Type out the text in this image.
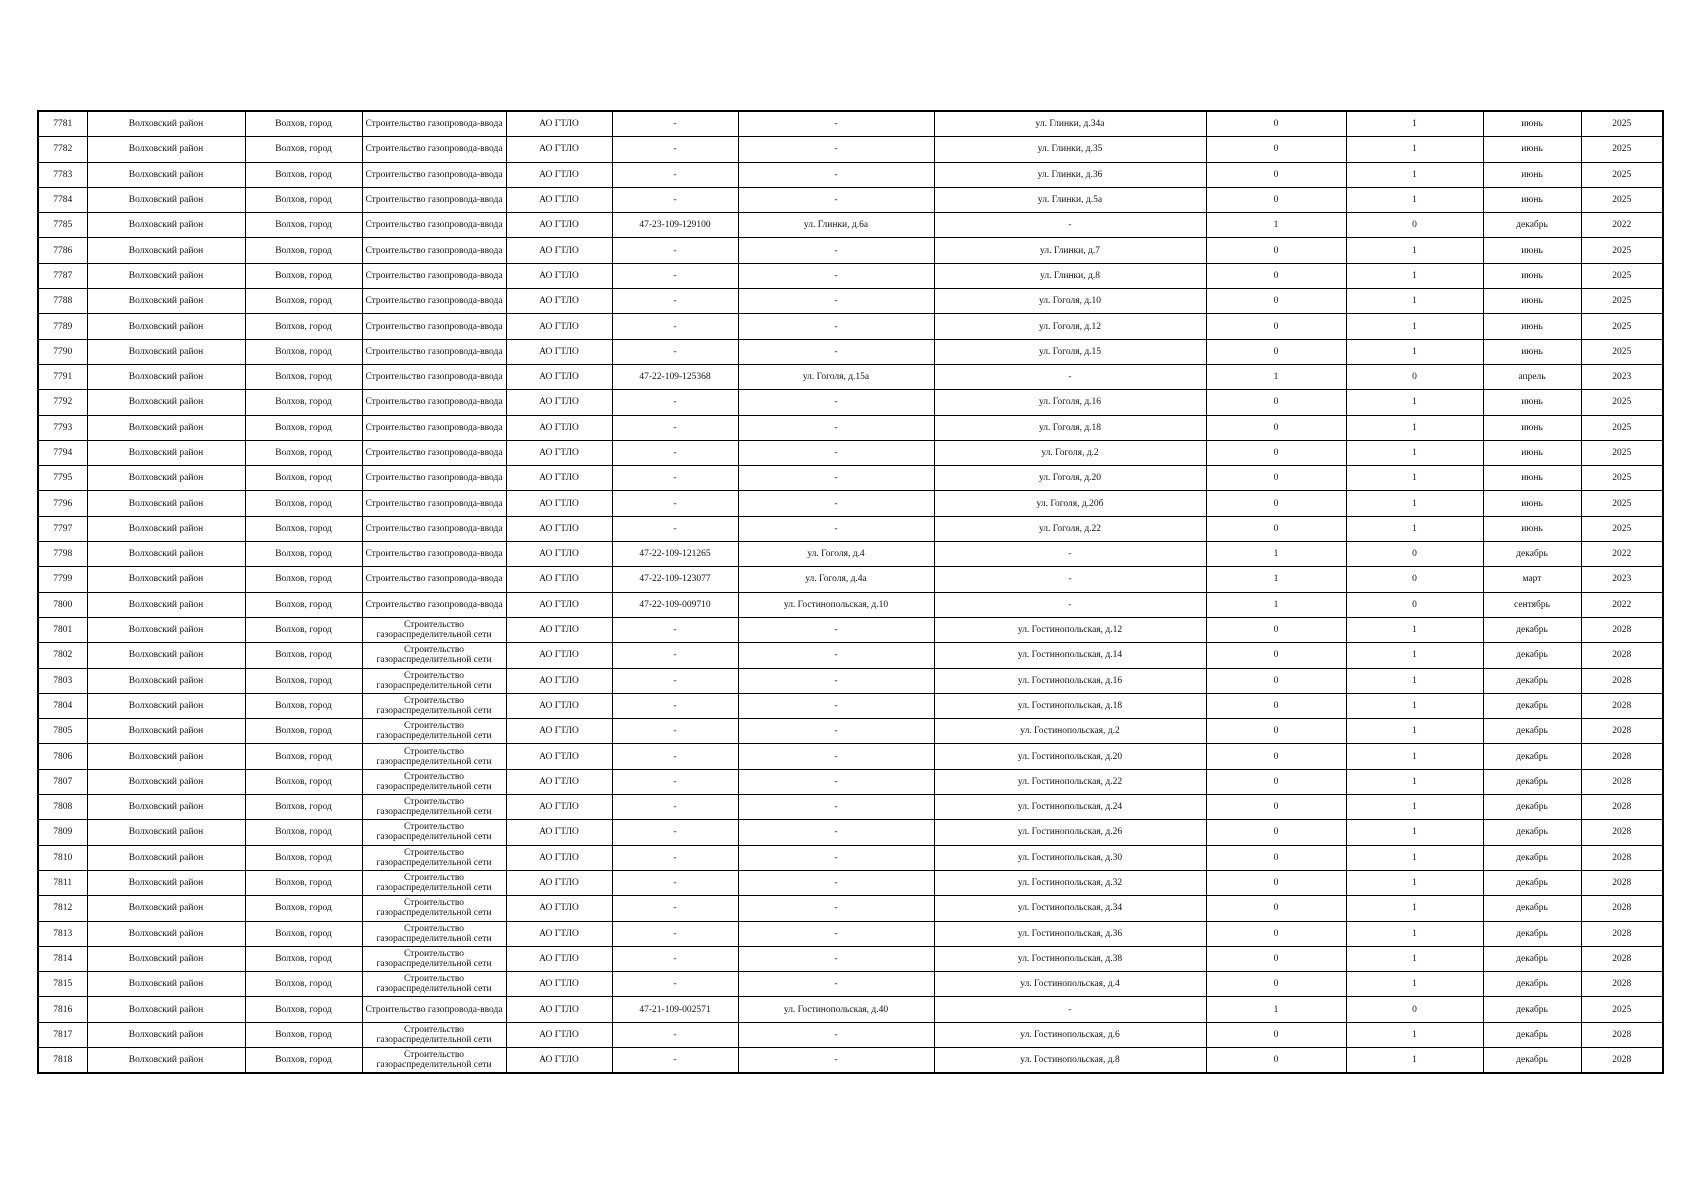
7781	Волховский район	Волхов, город	Строительство газопровода-ввода	АО ГТЛО	-	-	ул. Глинки, д.34а	0	1	июнь	2025
7782	Волховский район	Волхов, город	Строительство газопровода-ввода	АО ГТЛО	-	-	ул. Глинки, д.35	0	1	июнь	2025
7783	Волховский район	Волхов, город	Строительство газопровода-ввода	АО ГТЛО	-	-	ул. Глинки, д.36	0	1	июнь	2025
7784	Волховский район	Волхов, город	Строительство газопровода-ввода	АО ГТЛО	-	-	ул. Глинки, д.5а	0	1	июнь	2025
7785	Волховский район	Волхов, город	Строительство газопровода-ввода	АО ГТЛО	47-23-109-129100	ул. Глинки, д.6а	-	1	0	декабрь	2022
7786	Волховский район	Волхов, город	Строительство газопровода-ввода	АО ГТЛО	-	-	ул. Глинки, д.7	0	1	июнь	2025
7787	Волховский район	Волхов, город	Строительство газопровода-ввода	АО ГТЛО	-	-	ул. Глинки, д.8	0	1	июнь	2025
7788	Волховский район	Волхов, город	Строительство газопровода-ввода	АО ГТЛО	-	-	ул. Гоголя, д.10	0	1	июнь	2025
7789	Волховский район	Волхов, город	Строительство газопровода-ввода	АО ГТЛО	-	-	ул. Гоголя, д.12	0	1	июнь	2025
7790	Волховский район	Волхов, город	Строительство газопровода-ввода	АО ГТЛО	-	-	ул. Гоголя, д.15	0	1	июнь	2025
7791	Волховский район	Волхов, город	Строительство газопровода-ввода	АО ГТЛО	47-22-109-125368	ул. Гоголя, д.15а	-	1	0	апрель	2023
7792	Волховский район	Волхов, город	Строительство газопровода-ввода	АО ГТЛО	-	-	ул. Гоголя, д.16	0	1	июнь	2025
7793	Волховский район	Волхов, город	Строительство газопровода-ввода	АО ГТЛО	-	-	ул. Гоголя, д.18	0	1	июнь	2025
7794	Волховский район	Волхов, город	Строительство газопровода-ввода	АО ГТЛО	-	-	ул. Гоголя, д.2	0	1	июнь	2025
7795	Волховский район	Волхов, город	Строительство газопровода-ввода	АО ГТЛО	-	-	ул. Гоголя, д.20	0	1	июнь	2025
7796	Волховский район	Волхов, город	Строительство газопровода-ввода	АО ГТЛО	-	-	ул. Гоголя, д.20б	0	1	июнь	2025
7797	Волховский район	Волхов, город	Строительство газопровода-ввода	АО ГТЛО	-	-	ул. Гоголя, д.22	0	1	июнь	2025
7798	Волховский район	Волхов, город	Строительство газопровода-ввода	АО ГТЛО	47-22-109-121265	ул. Гоголя, д.4	-	1	0	декабрь	2022
7799	Волховский район	Волхов, город	Строительство газопровода-ввода	АО ГТЛО	47-22-109-123077	ул. Гоголя, д.4а	-	1	0	март	2023
7800	Волховский район	Волхов, город	Строительство газопровода-ввода	АО ГТЛО	47-22-109-009710	ул. Гостинопольская, д.10	-	1	0	сентябрь	2022
7801	Волховский район	Волхов, город	Строительство газораспределительной сети	АО ГТЛО	-	-	ул. Гостинопольская, д.12	0	1	декабрь	2028
7802	Волховский район	Волхов, город	Строительство газораспределительной сети	АО ГТЛО	-	-	ул. Гостинопольская, д.14	0	1	декабрь	2028
7803	Волховский район	Волхов, город	Строительство газораспределительной сети	АО ГТЛО	-	-	ул. Гостинопольская, д.16	0	1	декабрь	2028
7804	Волховский район	Волхов, город	Строительство газораспределительной сети	АО ГТЛО	-	-	ул. Гостинопольская, д.18	0	1	декабрь	2028
7805	Волховский район	Волхов, город	Строительство газораспределительной сети	АО ГТЛО	-	-	ул. Гостинопольская, д.2	0	1	декабрь	2028
7806	Волховский район	Волхов, город	Строительство газораспределительной сети	АО ГТЛО	-	-	ул. Гостинопольская, д.20	0	1	декабрь	2028
7807	Волховский район	Волхов, город	Строительство газораспределительной сети	АО ГТЛО	-	-	ул. Гостинопольская, д.22	0	1	декабрь	2028
7808	Волховский район	Волхов, город	Строительство газораспределительной сети	АО ГТЛО	-	-	ул. Гостинопольская, д.24	0	1	декабрь	2028
7809	Волховский район	Волхов, город	Строительство газораспределительной сети	АО ГТЛО	-	-	ул. Гостинопольская, д.26	0	1	декабрь	2028
7810	Волховский район	Волхов, город	Строительство газораспределительной сети	АО ГТЛО	-	-	ул. Гостинопольская, д.30	0	1	декабрь	2028
7811	Волховский район	Волхов, город	Строительство газораспределительной сети	АО ГТЛО	-	-	ул. Гостинопольская, д.32	0	1	декабрь	2028
7812	Волховский район	Волхов, город	Строительство газораспределительной сети	АО ГТЛО	-	-	ул. Гостинопольская, д.34	0	1	декабрь	2028
7813	Волховский район	Волхов, город	Строительство газораспределительной сети	АО ГТЛО	-	-	ул. Гостинопольская, д.36	0	1	декабрь	2028
7814	Волховский район	Волхов, город	Строительство газораспределительной сети	АО ГТЛО	-	-	ул. Гостинопольская, д.38	0	1	декабрь	2028
7815	Волховский район	Волхов, город	Строительство газораспределительной сети	АО ГТЛО	-	-	ул. Гостинопольская, д.4	0	1	декабрь	2028
7816	Волховский район	Волхов, город	Строительство газопровода-ввода	АО ГТЛО	47-21-109-002571	ул. Гостинопольская, д.40	-	1	0	декабрь	2025
7817	Волховский район	Волхов, город	Строительство газораспределительной сети	АО ГТЛО	-	-	ул. Гостинопольская, д.6	0	1	декабрь	2028
7818	Волховский район	Волхов, город	Строительство газораспределительной сети	АО ГТЛО	-	-	ул. Гостинопольская, д.8	0	1	декабрь	2028
